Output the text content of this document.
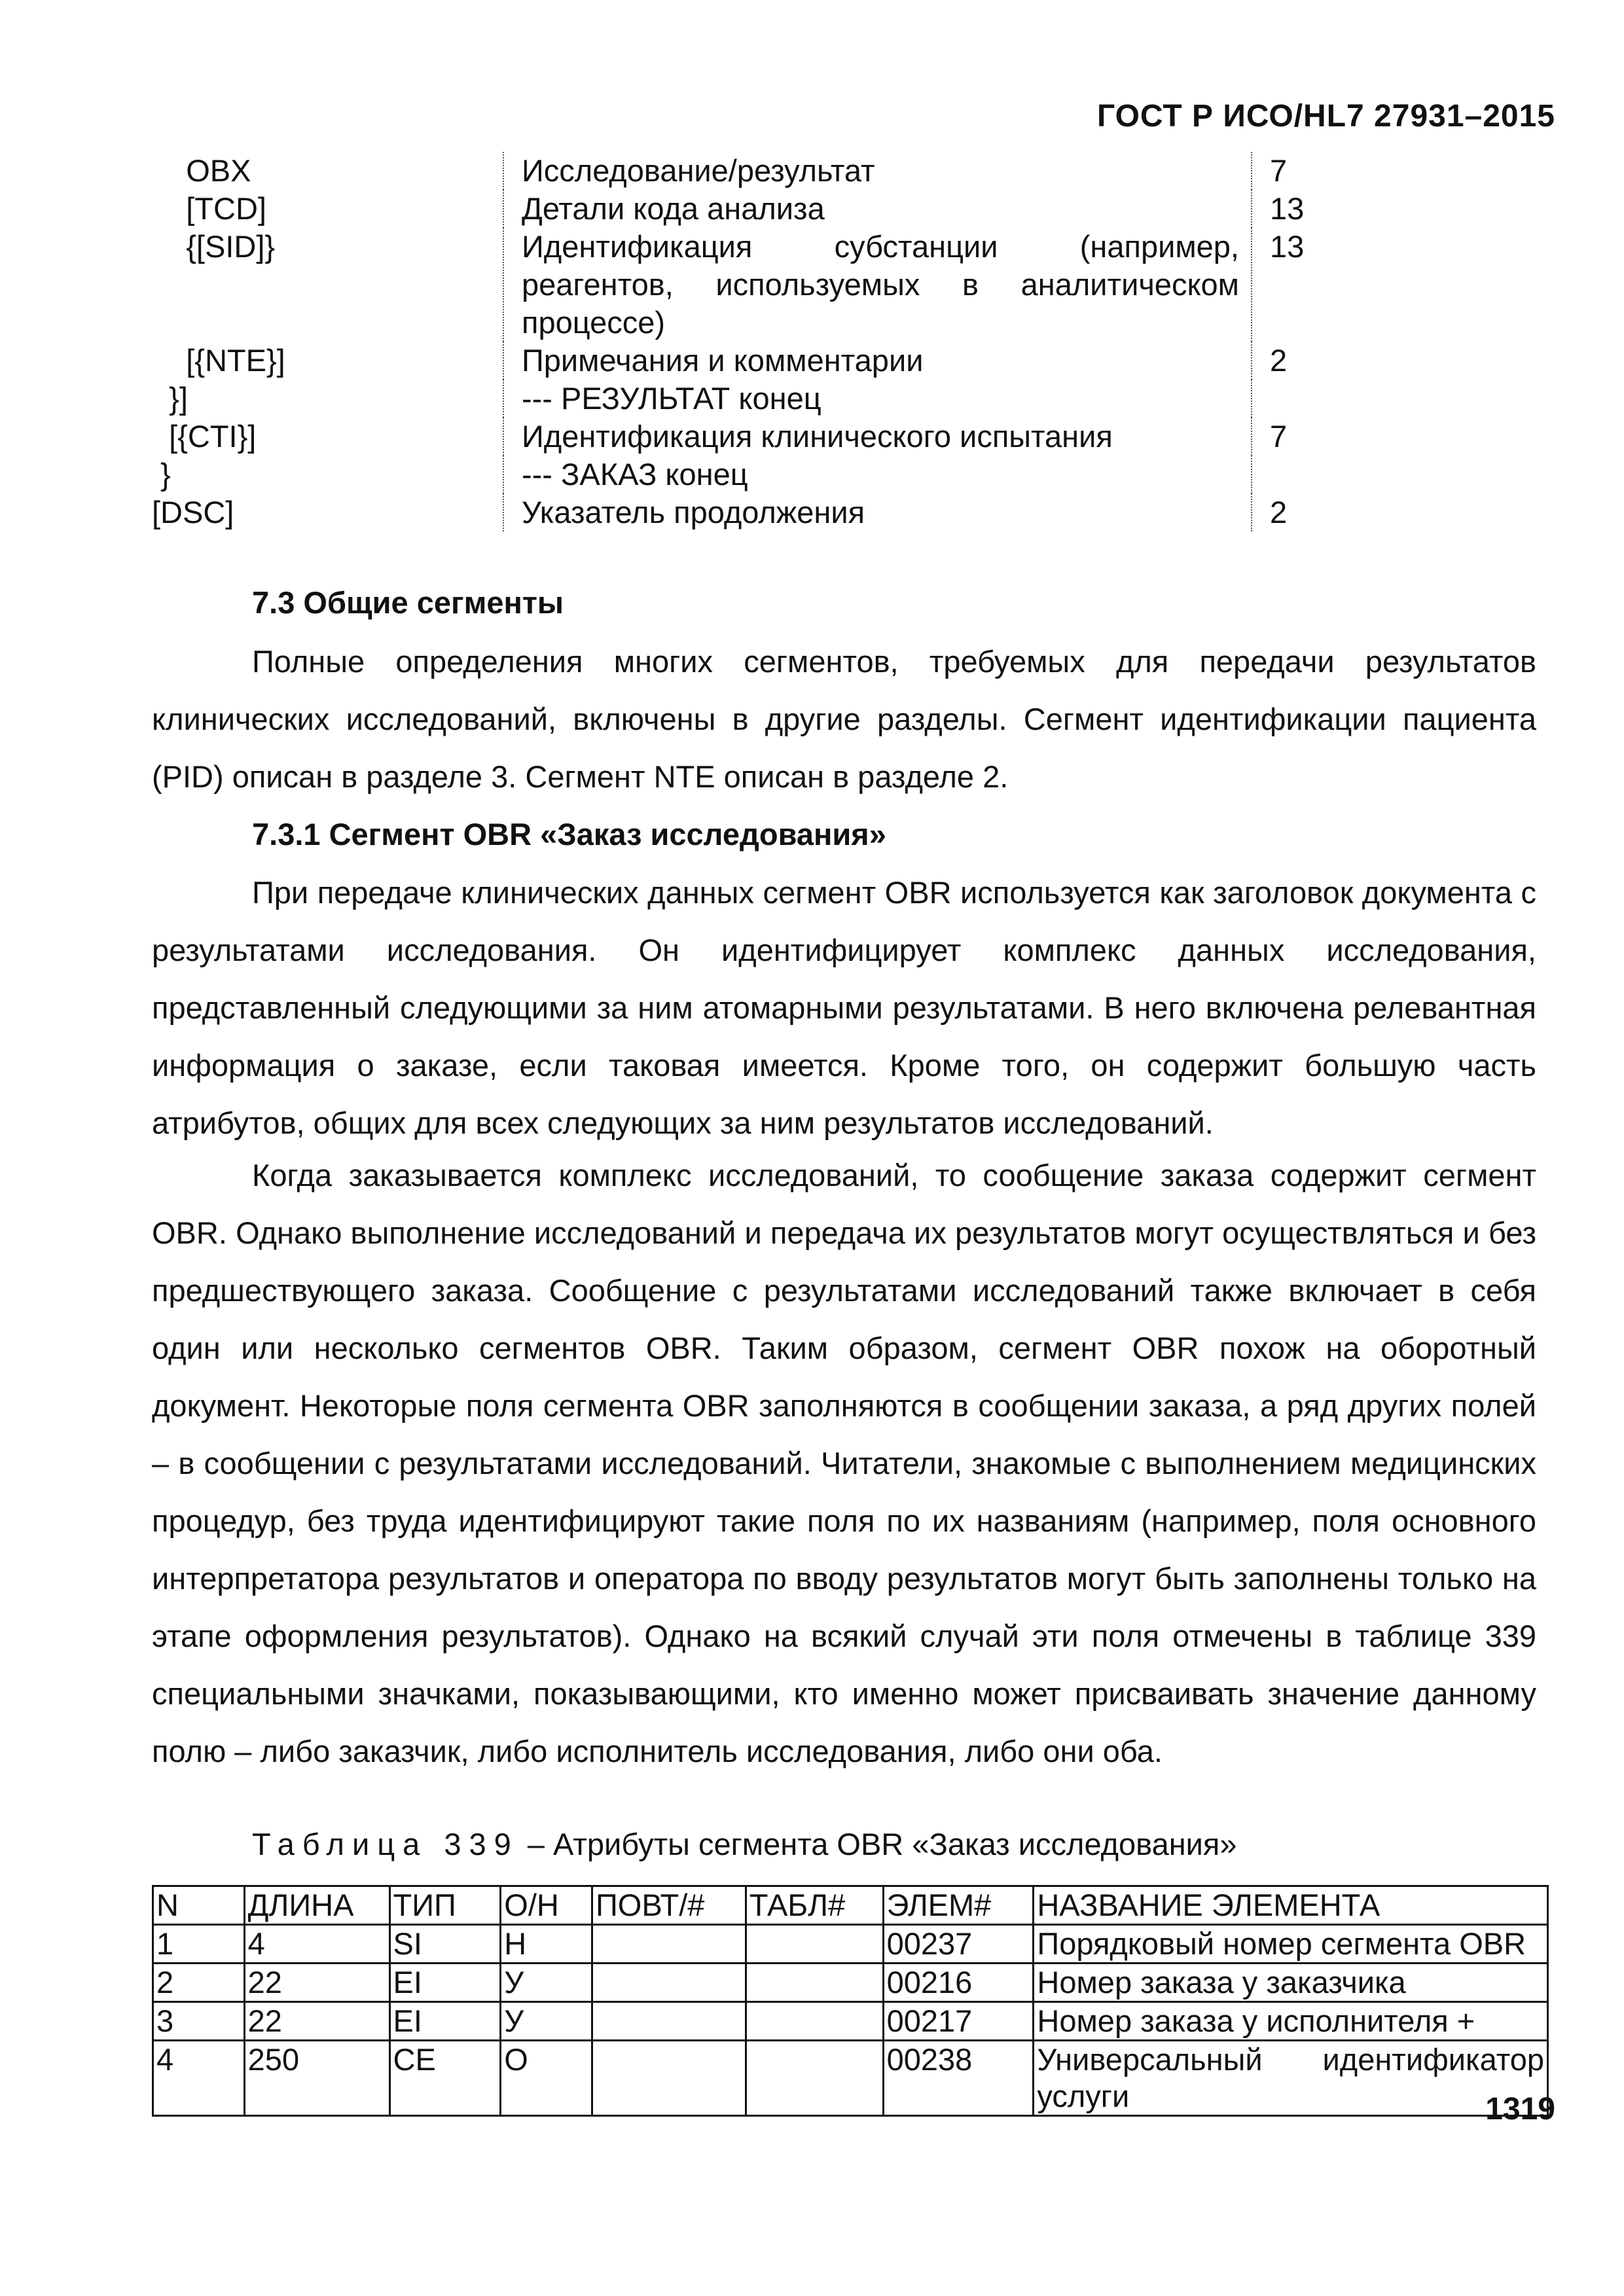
ГОСТ Р ИСО/HL7 27931–2015
OBX	Исследование/результат	7
[TCD]	Детали кода анализа	13
{[SID]}	Идентификация субстанции (например, реагентов, используемых в аналитическом процессе)	13
[{NTE}]	Примечания и комментарии	2
}]	--- РЕЗУЛЬТАТ конец	
[{CTI}]	Идентификация клинического испытания	7
}	--- ЗАКАЗ конец	
[DSC]	Указатель продолжения	2
7.3 Общие сегменты

Полные определения многих сегментов, требуемых для передачи результатов клинических исследований, включены в другие разделы. Сегмент идентификации пациента (PID) описан в разделе 3. Сегмент NTE описан в разделе 2.

7.3.1 Сегмент OBR «Заказ исследования»

При передаче клинических данных сегмент OBR используется как заголовок документа с результатами исследования. Он идентифицирует комплекс данных исследования, представленный следующими за ним атомарными результатами. В него включена релевантная информация о заказе, если таковая имеется. Кроме того, он содержит большую часть атрибутов, общих для всех следующих за ним результатов исследований.

Когда заказывается комплекс исследований, то сообщение заказа содержит сегмент OBR. Однако выполнение исследований и передача их результатов могут осуществляться и без предшествующего заказа. Сообщение с результатами исследований также включает в себя один или несколько сегментов OBR. Таким образом, сегмент OBR похож на оборотный документ. Некоторые поля сегмента OBR заполняются в сообщении заказа, а ряд других полей – в сообщении с результатами исследований. Читатели, знакомые с выполнением медицинских процедур, без труда идентифицируют такие поля по их названиям (например, поля основного интерпретатора результатов и оператора по вводу результатов могут быть заполнены только на этапе оформления результатов). Однако на всякий случай эти поля отмечены в таблице 339 специальными значками, показывающими, кто именно может присваивать значение данному полю – либо заказчик, либо исполнитель исследования, либо они оба.

Таблица 339 – Атрибуты сегмента OBR «Заказ исследования»
N	ДЛИНА	ТИП	О/Н	ПОВТ/#	ТАБЛ#	ЭЛЕМ#	НАЗВАНИЕ ЭЛЕМЕНТА
1	4	SI	Н			00237	Порядковый номер сегмента OBR
2	22	EI	У			00216	Номер заказа у заказчика
3	22	EI	У			00217	Номер заказа у исполнителя +
4	250	CE	О			00238	Универсальный идентификатор услуги	1319
